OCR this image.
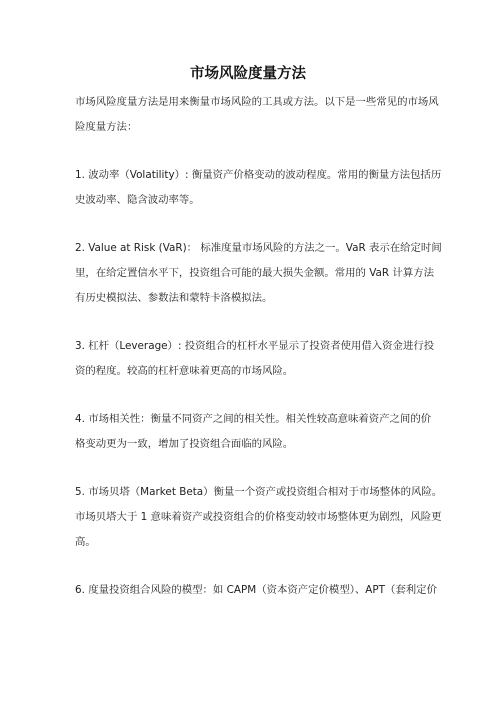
市场风险度量方法
市场风险度量方法是用来衡量市场风险的工具或方法。以下是一些常见的市场风
险度量方法：
1. 波动率（Volatility）: 衡量资产价格变动的波动程度。常用的衡量方法包括历
史波动率、隐含波动率等。
2. Value at Risk (VaR)： 标准度量市场风险的方法之一。VaR 表示在给定时间
里，在给定置信水平下，投资组合可能的最大损失金额。常用的 VaR 计算方法
有历史模拟法、参数法和蒙特卡洛模拟法。
3. 杠杆（Leverage）: 投资组合的杠杆水平显示了投资者使用借入资金进行投
资的程度。较高的杠杆意味着更高的市场风险。
4. 市场相关性：衡量不同资产之间的相关性。相关性较高意味着资产之间的价
格变动更为一致，增加了投资组合面临的风险。
5. 市场贝塔（Market Beta）衡量一个资产或投资组合相对于市场整体的风险。
市场贝塔大于 1 意味着资产或投资组合的价格变动较市场整体更为剧烈，风险更
高。
6. 度量投资组合风险的模型：如 CAPM（资本资产定价模型）、APT（套利定价
